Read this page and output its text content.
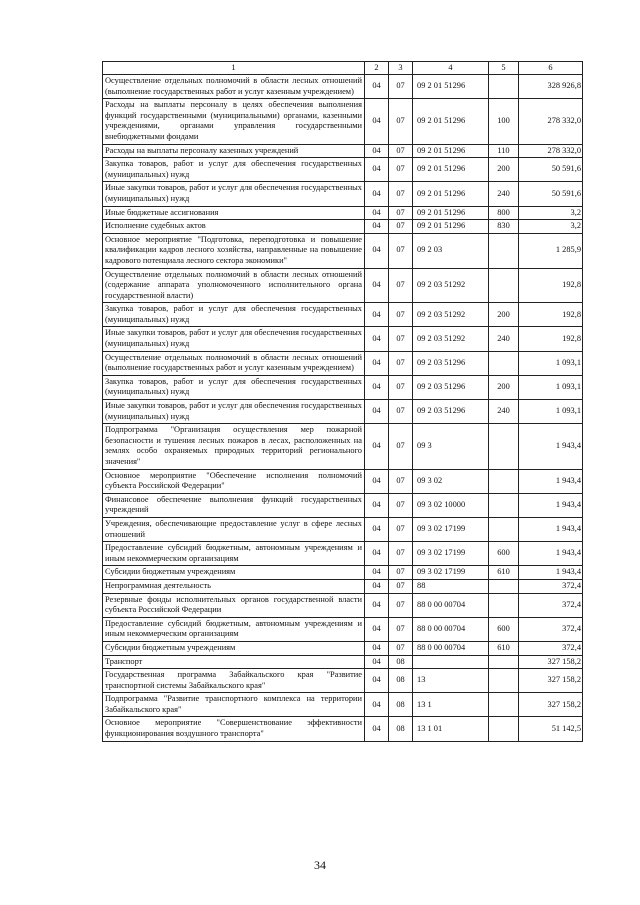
1	2	3	4	5	6
Осуществление отдельных полномочий в области лесных отношений (выполнение государственных работ и услуг казенным учреждением)	04	07	09 2 01 51296		328 926,8
Расходы на выплаты персоналу в целях обеспечения выполнения функций государственными (муниципальными) органами, казенными учреждениями, органами управления государственными внебюджетными фондами	04	07	09 2 01 51296	100	278 332,0
Расходы на выплаты персоналу казенных учреждений	04	07	09 2 01 51296	110	278 332,0
Закупка товаров, работ и услуг для обеспечения государственных (муниципальных) нужд	04	07	09 2 01 51296	200	50 591,6
Иные закупки товаров, работ и услуг для обеспечения государственных (муниципальных) нужд	04	07	09 2 01 51296	240	50 591,6
Иные бюджетные ассигнования	04	07	09 2 01 51296	800	3,2
Исполнение судебных актов	04	07	09 2 01 51296	830	3,2
Основное мероприятие "Подготовка, переподготовка и повышение квалификации кадров лесного хозяйства, направленные на повышение кадрового потенциала лесного сектора экономики"	04	07	09 2 03		1 285,9
Осуществление отдельных полномочий в области лесных отношений (содержание аппарата уполномоченного исполнительного органа государственной власти)	04	07	09 2 03 51292		192,8
Закупка товаров, работ и услуг для обеспечения государственных (муниципальных) нужд	04	07	09 2 03 51292	200	192,8
Иные закупки товаров, работ и услуг для обеспечения государственных (муниципальных) нужд	04	07	09 2 03 51292	240	192,8
Осуществление отдельных полномочий в области лесных отношений (выполнение государственных работ и услуг казенным учреждением)	04	07	09 2 03 51296		1 093,1
Закупка товаров, работ и услуг для обеспечения государственных (муниципальных) нужд	04	07	09 2 03 51296	200	1 093,1
Иные закупки товаров, работ и услуг для обеспечения государственных (муниципальных) нужд	04	07	09 2 03 51296	240	1 093,1
Подпрограмма "Организация осуществления мер пожарной безопасности и тушения лесных пожаров в лесах, расположенных на землях особо охраняемых природных территорий регионального значения"	04	07	09 3		1 943,4
Основное мероприятие "Обеспечение исполнения полномочий субъекта Российской Федерации"	04	07	09 3 02		1 943,4
Финансовое обеспечение выполнения функций государственных учреждений	04	07	09 3 02 10000		1 943,4
Учреждения, обеспечивающие предоставление услуг в сфере лесных отношений	04	07	09 3 02 17199		1 943,4
Предоставление субсидий бюджетным, автономным учреждениям и иным некоммерческим организациям	04	07	09 3 02 17199	600	1 943,4
Субсидии бюджетным учреждениям	04	07	09 3 02 17199	610	1 943,4
Непрограммная деятельность	04	07	88		372,4
Резервные фонды исполнительных органов государственной власти субъекта Российской Федерации	04	07	88 0 00 00704		372,4
Предоставление субсидий бюджетным, автономным учреждениям и иным некоммерческим организациям	04	07	88 0 00 00704	600	372,4
Субсидии бюджетным учреждениям	04	07	88 0 00 00704	610	372,4
Транспорт	04	08			327 158,2
Государственная программа Забайкальского края "Развитие транспортной системы Забайкальского края"	04	08	13		327 158,2
Подпрограмма "Развитие транспортного комплекса на территории Забайкальского края"	04	08	13 1		327 158,2
Основное мероприятие "Совершенствование эффективности функционирования воздушного транспорта"	04	08	13 1 01		51 142,5
34
